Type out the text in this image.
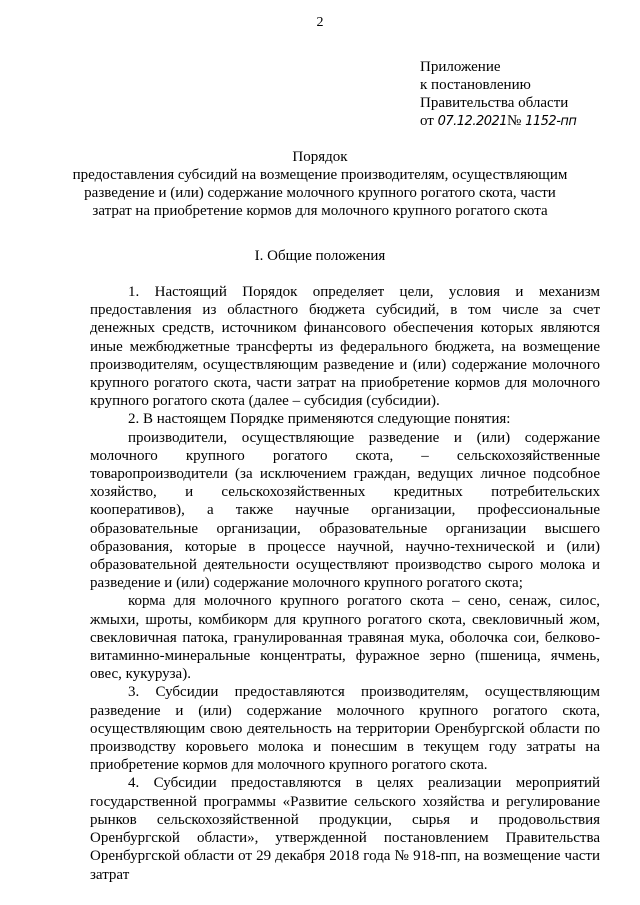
2
Приложение
к постановлению
Правительства области
от 07.12.2021№ 1152-пп
Порядок
предоставления субсидий на возмещение производителям, осуществляющим
разведение и (или) содержание молочного крупного рогатого скота, части
затрат на приобретение кормов для молочного крупного рогатого скота
I. Общие положения

1. Настоящий Порядок определяет цели, условия и механизм предоставления из областного бюджета субсидий, в том числе за счет денежных средств, источником финансового обеспечения которых являются иные межбюджетные трансферты из федерального бюджета, на возмещение производителям, осуществляющим разведение и (или) содержание молочного крупного рогатого скота, части затрат на приобретение кормов для молочного крупного рогатого скота (далее – субсидия (субсидии).

2. В настоящем Порядке применяются следующие понятия:

производители, осуществляющие разведение и (или) содержание молочного крупного рогатого скота, – сельскохозяйственные товаропроизводители (за исключением граждан, ведущих личное подсобное хозяйство, и сельскохозяйственных кредитных потребительских кооперативов), а также научные организации, профессиональные образовательные организации, образовательные организации высшего образования, которые в процессе научной, научно-технической и (или) образовательной деятельности осуществляют производство сырого молока и разведение и (или) содержание молочного крупного рогатого скота;

корма для молочного крупного рогатого скота – сено, сенаж, силос, жмыхи, шроты, комбикорм для крупного рогатого скота, свекловичный жом, свекловичная патока, гранулированная травяная мука, оболочка сои, белково-витаминно-минеральные концентраты, фуражное зерно (пшеница, ячмень, овес, кукуруза).

3. Субсидии предоставляются производителям, осуществляющим разведение и (или) содержание молочного крупного рогатого скота, осуществляющим свою деятельность на территории Оренбургской области по производству коровьего молока и понесшим в текущем году затраты на приобретение кормов для молочного крупного рогатого скота.

4. Субсидии предоставляются в целях реализации мероприятий государственной программы «Развитие сельского хозяйства и регулирование рынков сельскохозяйственной продукции, сырья и продовольствия Оренбургской области», утвержденной постановлением Правительства Оренбургской области от 29 декабря 2018 года № 918-пп, на возмещение части затрат
